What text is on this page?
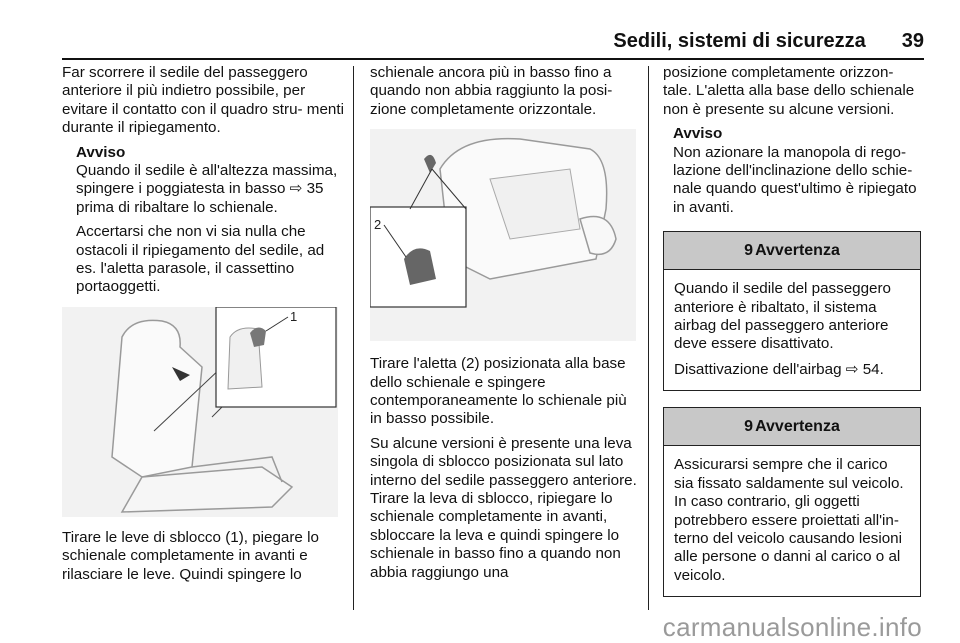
Sedili, sistemi di sicurezza 39

Far scorrere il sedile del passeggero anteriore il più indietro possibile, per evitare il contatto con il quadro stru‐ menti durante il ripiegamento.

Avviso

Quando il sedile è all'altezza massima, spingere i poggiatesta in basso ⇨ 35 prima di ribaltare lo schienale.

Accertarsi che non vi sia nulla che ostacoli il ripiegamento del sedile, ad es. l'aletta parasole, il cassettino portaoggetti.

1

Tirare le leve di sblocco (1), piegare lo schienale completamente in avanti e rilasciare le leve. Quindi spingere lo

schienale ancora più in basso fino a quando non abbia raggiunto la posi‐ zione completamente orizzontale.

2

Tirare l'aletta (2) posizionata alla base dello schienale e spingere contemporaneamente lo schienale più in basso possibile.

Su alcune versioni è presente una leva singola di sblocco posizionata sul lato interno del sedile passeggero anteriore. Tirare la leva di sblocco, ripiegare lo schienale completamente in avanti, sbloccare la leva e quindi spingere lo schienale in basso fino a quando non abbia raggiungo una

posizione completamente orizzon‐ tale. L'aletta alla base dello schienale non è presente su alcune versioni.

Avviso

Non azionare la manopola di rego‐ lazione dell'inclinazione dello schie‐ nale quando quest'ultimo è ripiegato in avanti.

9 Avvertenza

Quando il sedile del passeggero anteriore è ribaltato, il sistema airbag del passeggero anteriore deve essere disattivato.

Disattivazione dell'airbag ⇨ 54.

9 Avvertenza

Assicurarsi sempre che il carico sia fissato saldamente sul veicolo. In caso contrario, gli oggetti potrebbero essere proiettati all'in‐ terno del veicolo causando lesioni alle persone o danni al carico o al veicolo.

carmanualsonline.info
